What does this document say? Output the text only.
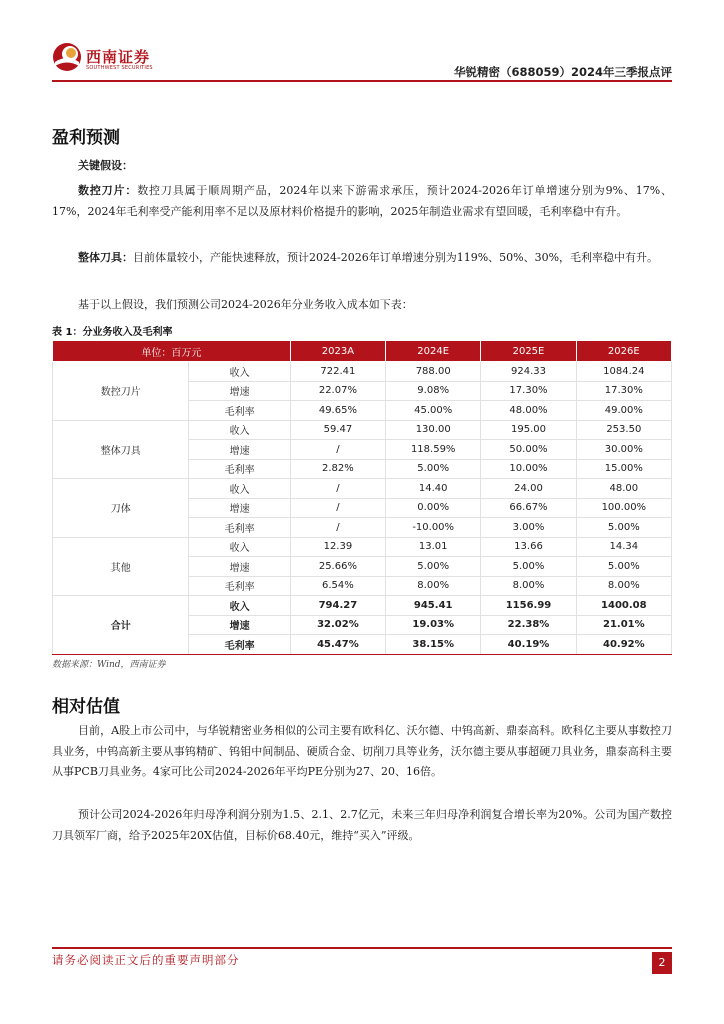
西南证券
SOUTHWEST SECURITIES	华锐精密（688059）2024年三季报点评
盈利预测
关键假设：
数控刀片：数控刀具属于顺周期产品，2024年以来下游需求承压，预计2024-2026年订单增速分别为9%、17%、17%，2024年毛利率受产能利用率不足以及原材料价格提升的影响，2025年制造业需求有望回暖，毛利率稳中有升。
整体刀具：目前体量较小，产能快速释放，预计2024-2026年订单增速分别为119%、50%、30%，毛利率稳中有升。
基于以上假设，我们预测公司2024-2026年分业务收入成本如下表：
表 1：分业务收入及毛利率
单位：百万元		2023A	2024E	2025E	2026E
数控刀片	收入	722.41	788.00	924.33	1084.24
	增速	22.07%	9.08%	17.30%	17.30%
	毛利率	49.65%	45.00%	48.00%	49.00%
整体刀具	收入	59.47	130.00	195.00	253.50
	增速	/	118.59%	50.00%	30.00%
	毛利率	2.82%	5.00%	10.00%	15.00%
刀体	收入	/	14.40	24.00	48.00
	增速	/	0.00%	66.67%	100.00%
	毛利率	/	-10.00%	3.00%	5.00%
其他	收入	12.39	13.01	13.66	14.34
	增速	25.66%	5.00%	5.00%	5.00%
	毛利率	6.54%	8.00%	8.00%	8.00%
合计	收入	794.27	945.41	1156.99	1400.08
	增速	32.02%	19.03%	22.38%	21.01%
	毛利率	45.47%	38.15%	40.19%	40.92%
数据来源：Wind，西南证券
相对估值
目前，A股上市公司中，与华锐精密业务相似的公司主要有欧科亿、沃尔德、中钨高新、鼎泰高科。欧科亿主要从事数控刀具业务，中钨高新主要从事钨精矿、钨钼中间制品、硬质合金、切削刀具等业务，沃尔德主要从事超硬刀具业务，鼎泰高科主要从事PCB刀具业务。4家可比公司2024-2026年平均PE分别为27、20、16倍。
预计公司2024-2026年归母净利润分别为1.5、2.1、2.7亿元，未来三年归母净利润复合增长率为20%。公司为国产数控刀具领军厂商，给予2025年20X估值，目标价68.40元，维持“买入”评级。
请务必阅读正文后的重要声明部分	2
